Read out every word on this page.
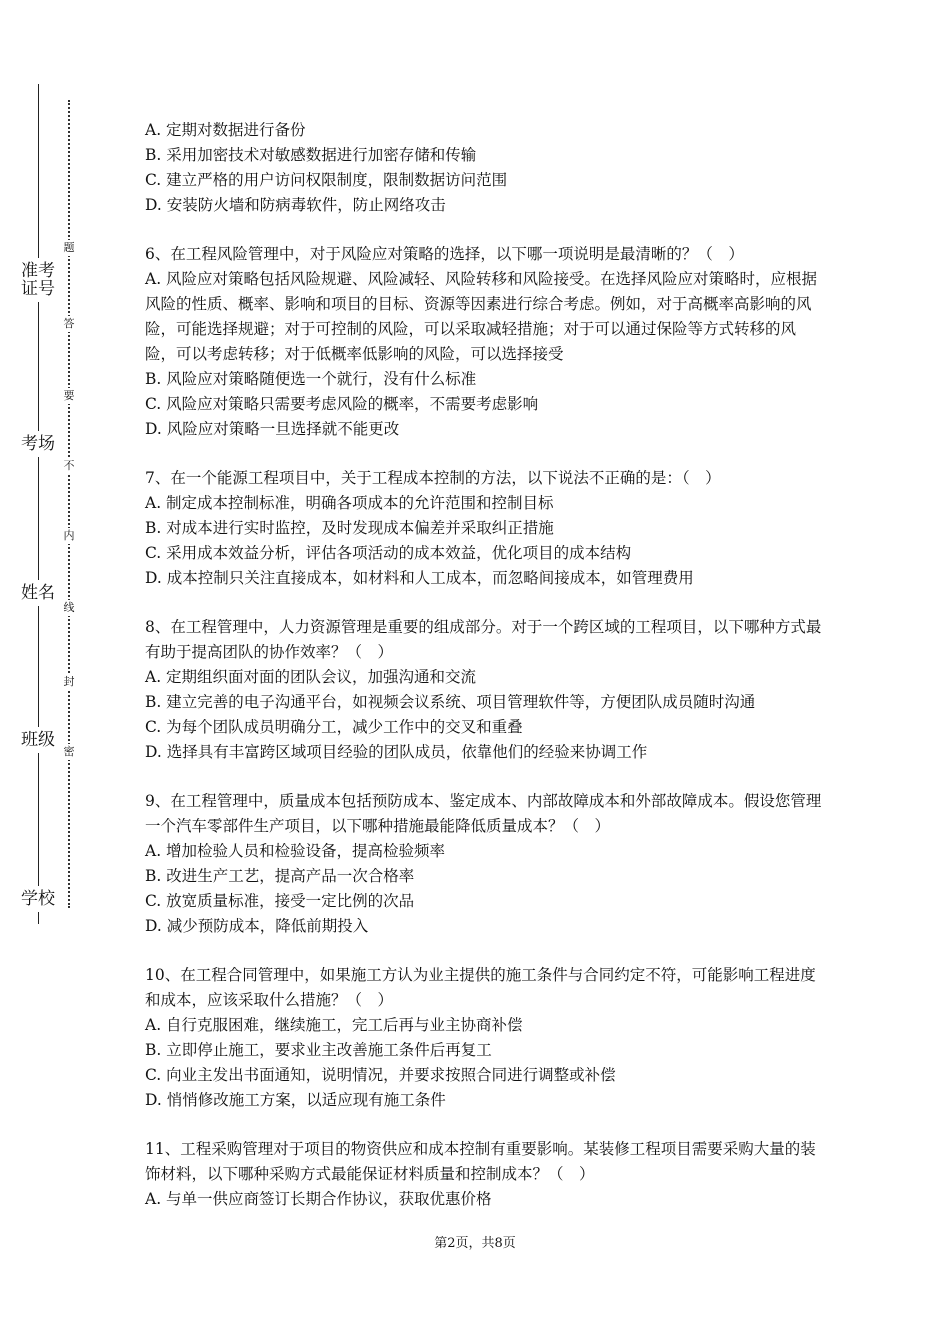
准考证号
考场
姓名
班级
学校
题
答
要
不
内
线
封
密

A. 定期对数据进行备份

B. 采用加密技术对敏感数据进行加密存储和传输

C. 建立严格的用户访问权限制度，限制数据访问范围

D. 安装防火墙和防病毒软件，防止网络攻击

6、在工程风险管理中，对于风险应对策略的选择，以下哪一项说明是最清晰的？（　）

A. 风险应对策略包括风险规避、风险减轻、风险转移和风险接受。在选择风险应对策略时，应根据风险的性质、概率、影响和项目的目标、资源等因素进行综合考虑。例如，对于高概率高影响的风险，可能选择规避；对于可控制的风险，可以采取减轻措施；对于可以通过保险等方式转移的风险，可以考虑转移；对于低概率低影响的风险，可以选择接受

B. 风险应对策略随便选一个就行，没有什么标准

C. 风险应对策略只需要考虑风险的概率，不需要考虑影响

D. 风险应对策略一旦选择就不能更改

7、在一个能源工程项目中，关于工程成本控制的方法，以下说法不正确的是：（　）

A. 制定成本控制标准，明确各项成本的允许范围和控制目标

B. 对成本进行实时监控，及时发现成本偏差并采取纠正措施

C. 采用成本效益分析，评估各项活动的成本效益，优化项目的成本结构

D. 成本控制只关注直接成本，如材料和人工成本，而忽略间接成本，如管理费用

8、在工程管理中，人力资源管理是重要的组成部分。对于一个跨区域的工程项目，以下哪种方式最有助于提高团队的协作效率？（　）

A. 定期组织面对面的团队会议，加强沟通和交流

B. 建立完善的电子沟通平台，如视频会议系统、项目管理软件等，方便团队成员随时沟通

C. 为每个团队成员明确分工，减少工作中的交叉和重叠

D. 选择具有丰富跨区域项目经验的团队成员，依靠他们的经验来协调工作

9、在工程管理中，质量成本包括预防成本、鉴定成本、内部故障成本和外部故障成本。假设您管理一个汽车零部件生产项目，以下哪种措施最能降低质量成本？（　）

A. 增加检验人员和检验设备，提高检验频率

B. 改进生产工艺，提高产品一次合格率

C. 放宽质量标准，接受一定比例的次品

D. 减少预防成本，降低前期投入

10、在工程合同管理中，如果施工方认为业主提供的施工条件与合同约定不符，可能影响工程进度和成本，应该采取什么措施？（　）

A. 自行克服困难，继续施工，完工后再与业主协商补偿

B. 立即停止施工，要求业主改善施工条件后再复工

C. 向业主发出书面通知，说明情况，并要求按照合同进行调整或补偿

D. 悄悄修改施工方案，以适应现有施工条件

11、工程采购管理对于项目的物资供应和成本控制有重要影响。某装修工程项目需要采购大量的装饰材料，以下哪种采购方式最能保证材料质量和控制成本？（　）

A. 与单一供应商签订长期合作协议，获取优惠价格

第2页，共8页
